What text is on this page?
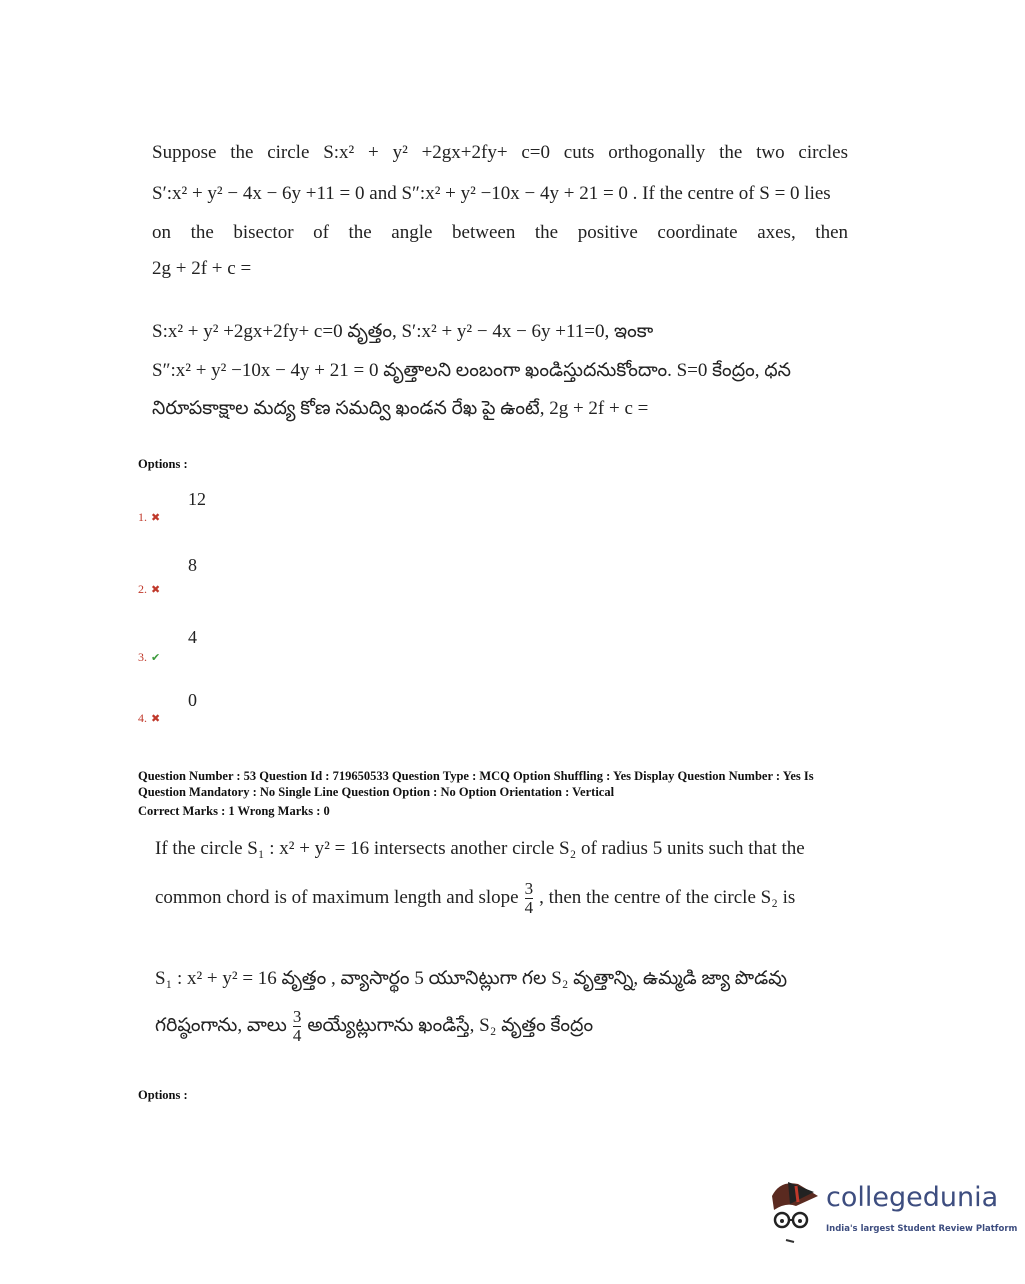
Suppose the circle S:x² + y² +2gx+2fy+ c=0 cuts orthogonally the two circles
S′:x² + y² − 4x − 6y +11 = 0 and S″:x² + y² −10x − 4y + 21 = 0 . If the centre of S = 0 lies
on the bisector of the angle between the positive coordinate axes, then
2g + 2f + c =
S:x² + y² +2gx+2fy+ c=0 వృత్తం, S′:x² + y² − 4x − 6y +11=0, ఇంకా
S″:x² + y² −10x − 4y + 21 = 0 వృత్తాలని లంబంగా ఖండిస్తుదనుకోందాం. S=0 కేంద్రం, ధన
నిరూపకాక్షాల మద్య కోణ సమద్వి ఖండన రేఖ పై ఉంటే, 2g + 2f + c =
Options :
12
1. ✖
8
2. ✖
4
3. ✔
0
4. ✖
Question Number : 53 Question Id : 719650533 Question Type : MCQ Option Shuffling : Yes Display Question Number : Yes Is
Question Mandatory : No Single Line Question Option : No Option Orientation : Vertical
Correct Marks : 1 Wrong Marks : 0
If the circle S₁ : x² + y² = 16 intersects another circle S₂ of radius 5 units such that the
common chord is of maximum length and slope $\frac{3}{4}$ , then the centre of the circle S₂ is
S₁ : x² + y² = 16 వృత్తం , వ్యాసార్థం 5 యూనిట్లుగా గల S₂ వృత్తాన్ని, ఉమ్మడి జ్యా పొడవు
గరిష్ఠంగాను, వాలు $\frac{3}{4}$ అయ్యేట్లుగాను ఖండిస్తే, S₂ వృత్తం కేంద్రం
Options :
collegedunia
India's largest Student Review Platform
